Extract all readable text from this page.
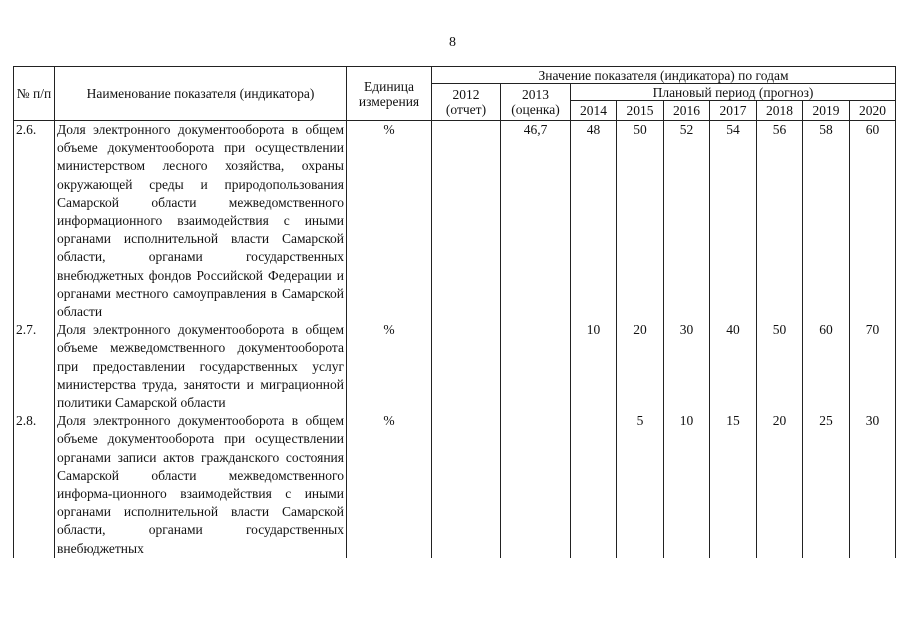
8
№ п/п	Наименование показателя (индикатора)	Единица измерения	Значение показателя (индикатора) по годам								
			2012 (отчет)	2013 (оценка)	Плановый период (прогноз)						
					2014	2015	2016	2017	2018	2019	2020
2.6.	Доля электронного документооборота в общем объеме документооборота при осуществлении министерством лесного хозяйства, охраны окружающей среды и природопользования Самарской области межведомственного информационного взаимодействия с иными органами исполнительной власти Самарской области, органами государственных внебюджетных фондов Российской Федерации и органами местного самоуправления в Самарской области	%		46,7	48	50	52	54	56	58	60
2.7.	Доля электронного документооборота в общем объеме межведомственного документооборота при предоставлении государственных услуг министерства труда, занятости и миграционной политики Самарской области	%			10	20	30	40	50	60	70
2.8.	Доля электронного документооборота в общем объеме документооборота при осуществлении органами записи актов гражданского состояния Самарской области межведомственного информа-ционного взаимодействия с иными органами исполнительной власти Самарской области, органами государственных внебюджетных	%				5	10	15	20	25	30
